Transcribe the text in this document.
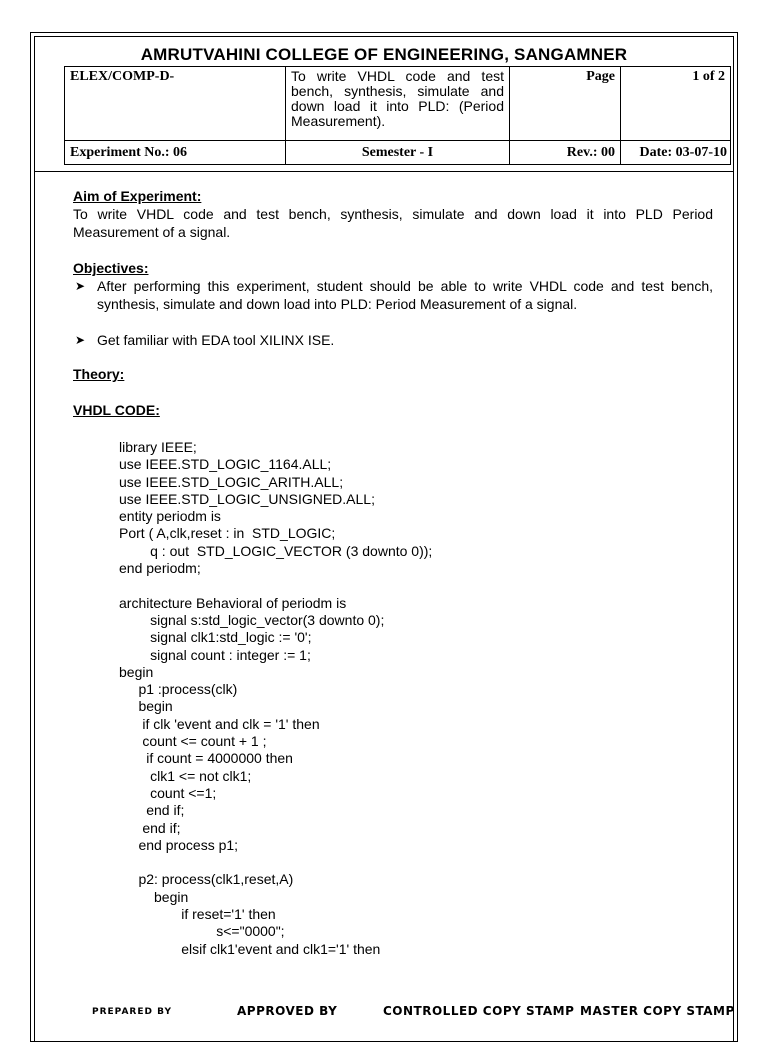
AMRUTVAHINI COLLEGE OF ENGINEERING, SANGAMNER
ELEX/COMP-D-	To write VHDL code and test bench, synthesis, simulate and down load it into PLD: (Period Measurement).	Page	1 of 2
Experiment No.: 06	Semester - I	Rev.: 00	Date: 03-07-10
Aim of Experiment:
To write VHDL code and test bench, synthesis, simulate and down load it into PLD Period Measurement of a signal.
Objectives:
➤ After performing this experiment, student should be able to write VHDL code and test bench, synthesis, simulate and down load into PLD: Period Measurement of a signal.
➤ Get familiar with EDA tool XILINX ISE.
Theory:
VHDL CODE:
library IEEE;
use IEEE.STD_LOGIC_1164.ALL;
use IEEE.STD_LOGIC_ARITH.ALL;
use IEEE.STD_LOGIC_UNSIGNED.ALL;
entity periodm is
Port ( A,clk,reset : in  STD_LOGIC;
q : out  STD_LOGIC_VECTOR (3 downto 0));
end periodm;

architecture Behavioral of periodm is
signal s:std_logic_vector(3 downto 0);
signal clk1:std_logic := '0';
signal count : integer := 1;
begin
p1 :process(clk)
begin
if clk 'event and clk = '1' then
count <= count + 1 ;
if count = 4000000 then
clk1 <= not clk1;
count <=1;
end if;
end if;
end process p1;

p2: process(clk1,reset,A)
begin
if reset='1' then
s<="0000";
elsif clk1'event and clk1='1' then
PREPARED BY	APPROVED BY	CONTROLLED COPY STAMP MASTER COPY STAMP
